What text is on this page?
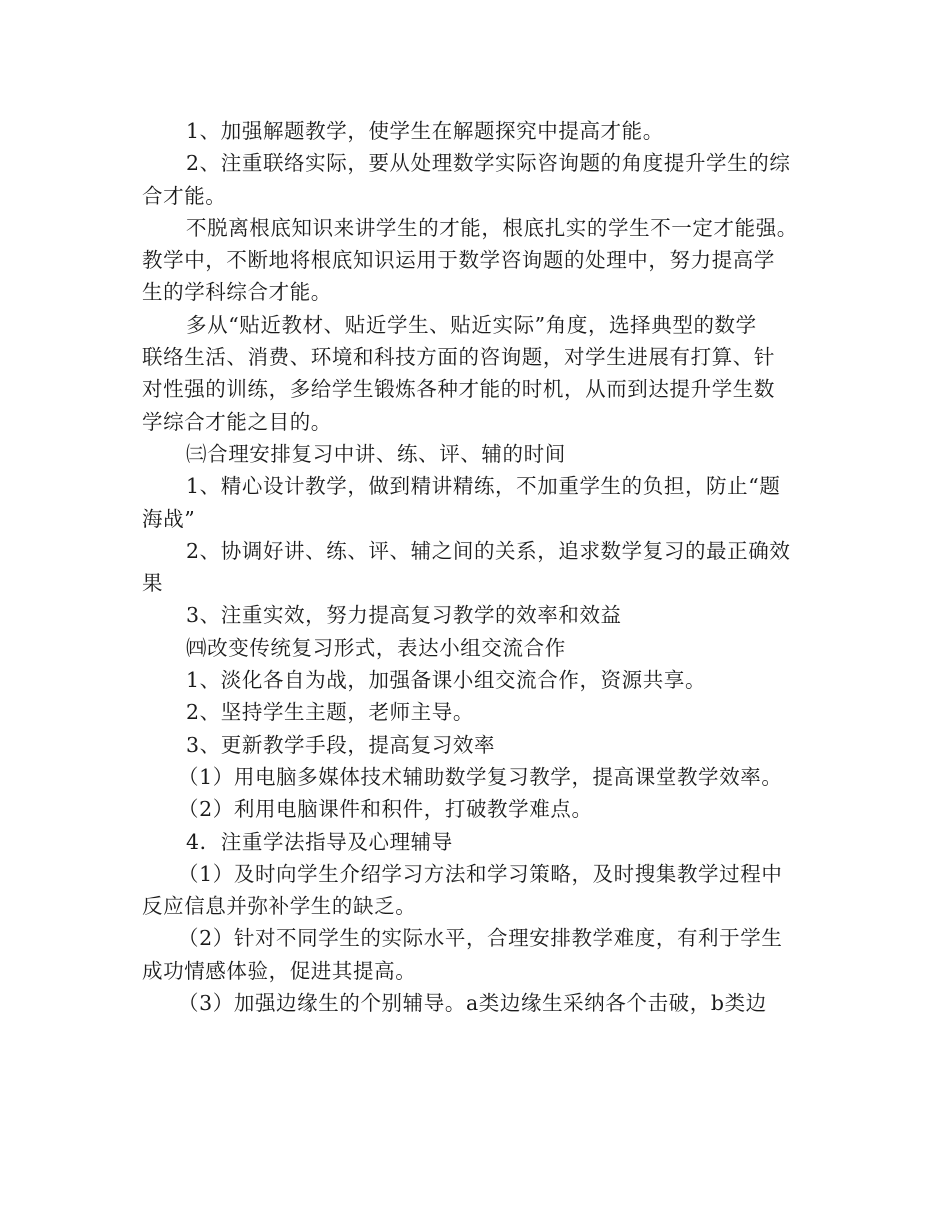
1、加强解题教学，使学生在解题探究中提高才能。
2、注重联络实际，要从处理数学实际咨询题的角度提升学生的综
合才能。
不脱离根底知识来讲学生的才能，根底扎实的学生不一定才能强。
教学中，不断地将根底知识运用于数学咨询题的处理中，努力提高学
生的学科综合才能。
多从“贴近教材、贴近学生、贴近实际”角度，选择典型的数学
联络生活、消费、环境和科技方面的咨询题，对学生进展有打算、针
对性强的训练，多给学生锻炼各种才能的时机，从而到达提升学生数
学综合才能之目的。
㈢合理安排复习中讲、练、评、辅的时间
1、精心设计教学，做到精讲精练，不加重学生的负担，防止“题
海战”
2、协调好讲、练、评、辅之间的关系，追求数学复习的最正确效
果
3、注重实效，努力提高复习教学的效率和效益
㈣改变传统复习形式，表达小组交流合作
1、淡化各自为战，加强备课小组交流合作，资源共享。
2、坚持学生主题，老师主导。
3、更新教学手段，提高复习效率
（1）用电脑多媒体技术辅助数学复习教学，提高课堂教学效率。
（2）利用电脑课件和积件，打破教学难点。
4．注重学法指导及心理辅导
（1）及时向学生介绍学习方法和学习策略，及时搜集教学过程中
反应信息并弥补学生的缺乏。
（2）针对不同学生的实际水平，合理安排教学难度，有利于学生
成功情感体验，促进其提高。
（3）加强边缘生的个别辅导。a类边缘生采纳各个击破，b类边
